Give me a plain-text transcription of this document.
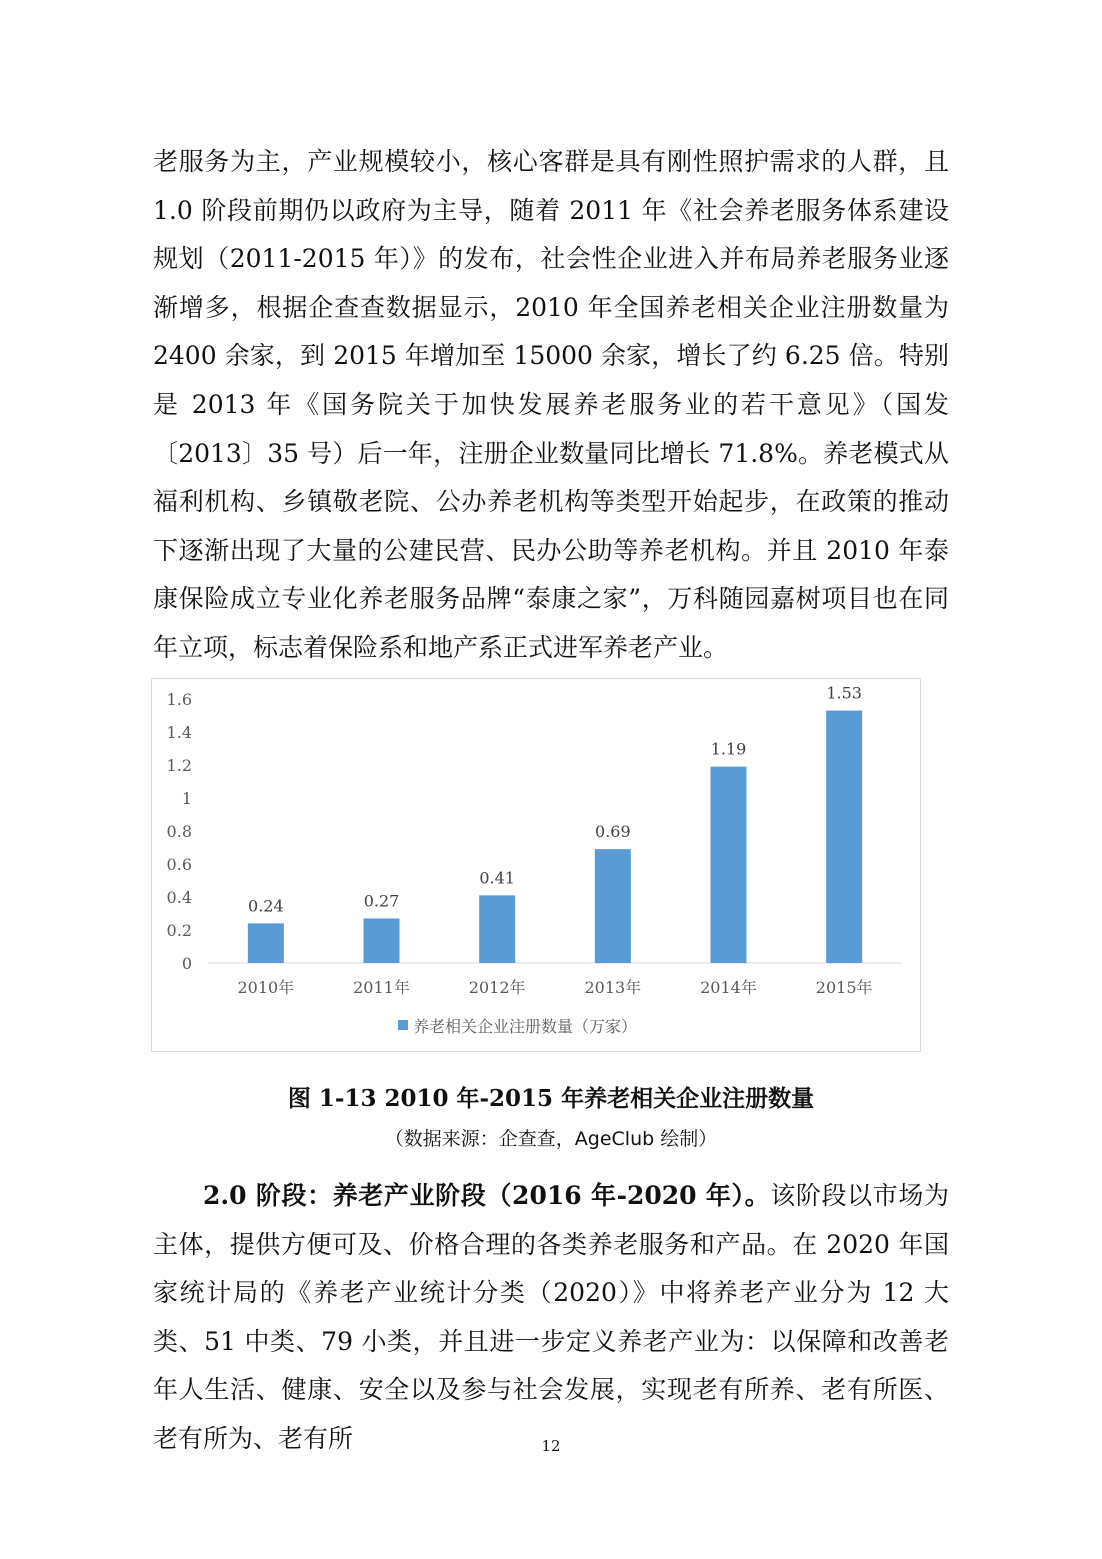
老服务为主，产业规模较小，核心客群是具有刚性照护需求的人群，且1.0 阶段前期仍以政府为主导，随着 2011 年《社会养老服务体系建设规划（2011-2015 年）》的发布，社会性企业进入并布局养老服务业逐渐增多，根据企查查数据显示，2010 年全国养老相关企业注册数量为 2400 余家，到 2015 年增加至 15000 余家，增长了约 6.25 倍。特别是 2013 年《国务院关于加快发展养老服务业的若干意见》（国发〔2013〕35 号）后一年，注册企业数量同比增长 71.8%。养老模式从福利机构、乡镇敬老院、公办养老机构等类型开始起步，在政策的推动下逐渐出现了大量的公建民营、民办公助等养老机构。并且 2010 年泰康保险成立专业化养老服务品牌“泰康之家”，万科随园嘉树项目也在同年立项，标志着保险系和地产系正式进军养老产业。

0
0.2
0.4
0.6
0.8
1
1.2
1.4
1.6
0.24
2010年
0.27
2011年
0.41
2012年
0.69
2013年
1.19
2014年
1.53
2015年
养老相关企业注册数量（万家）

图 1-13 2010 年-2015 年养老相关企业注册数量

（数据来源：企查查，AgeClub 绘制）

2.0 阶段：养老产业阶段（2016 年-2020 年）。该阶段以市场为主体，提供方便可及、价格合理的各类养老服务和产品。在 2020 年国家统计局的《养老产业统计分类（2020）》中将养老产业分为 12 大类、51 中类、79 小类，并且进一步定义养老产业为：以保障和改善老年人生活、健康、安全以及参与社会发展，实现老有所养、老有所医、老有所为、老有所	12
